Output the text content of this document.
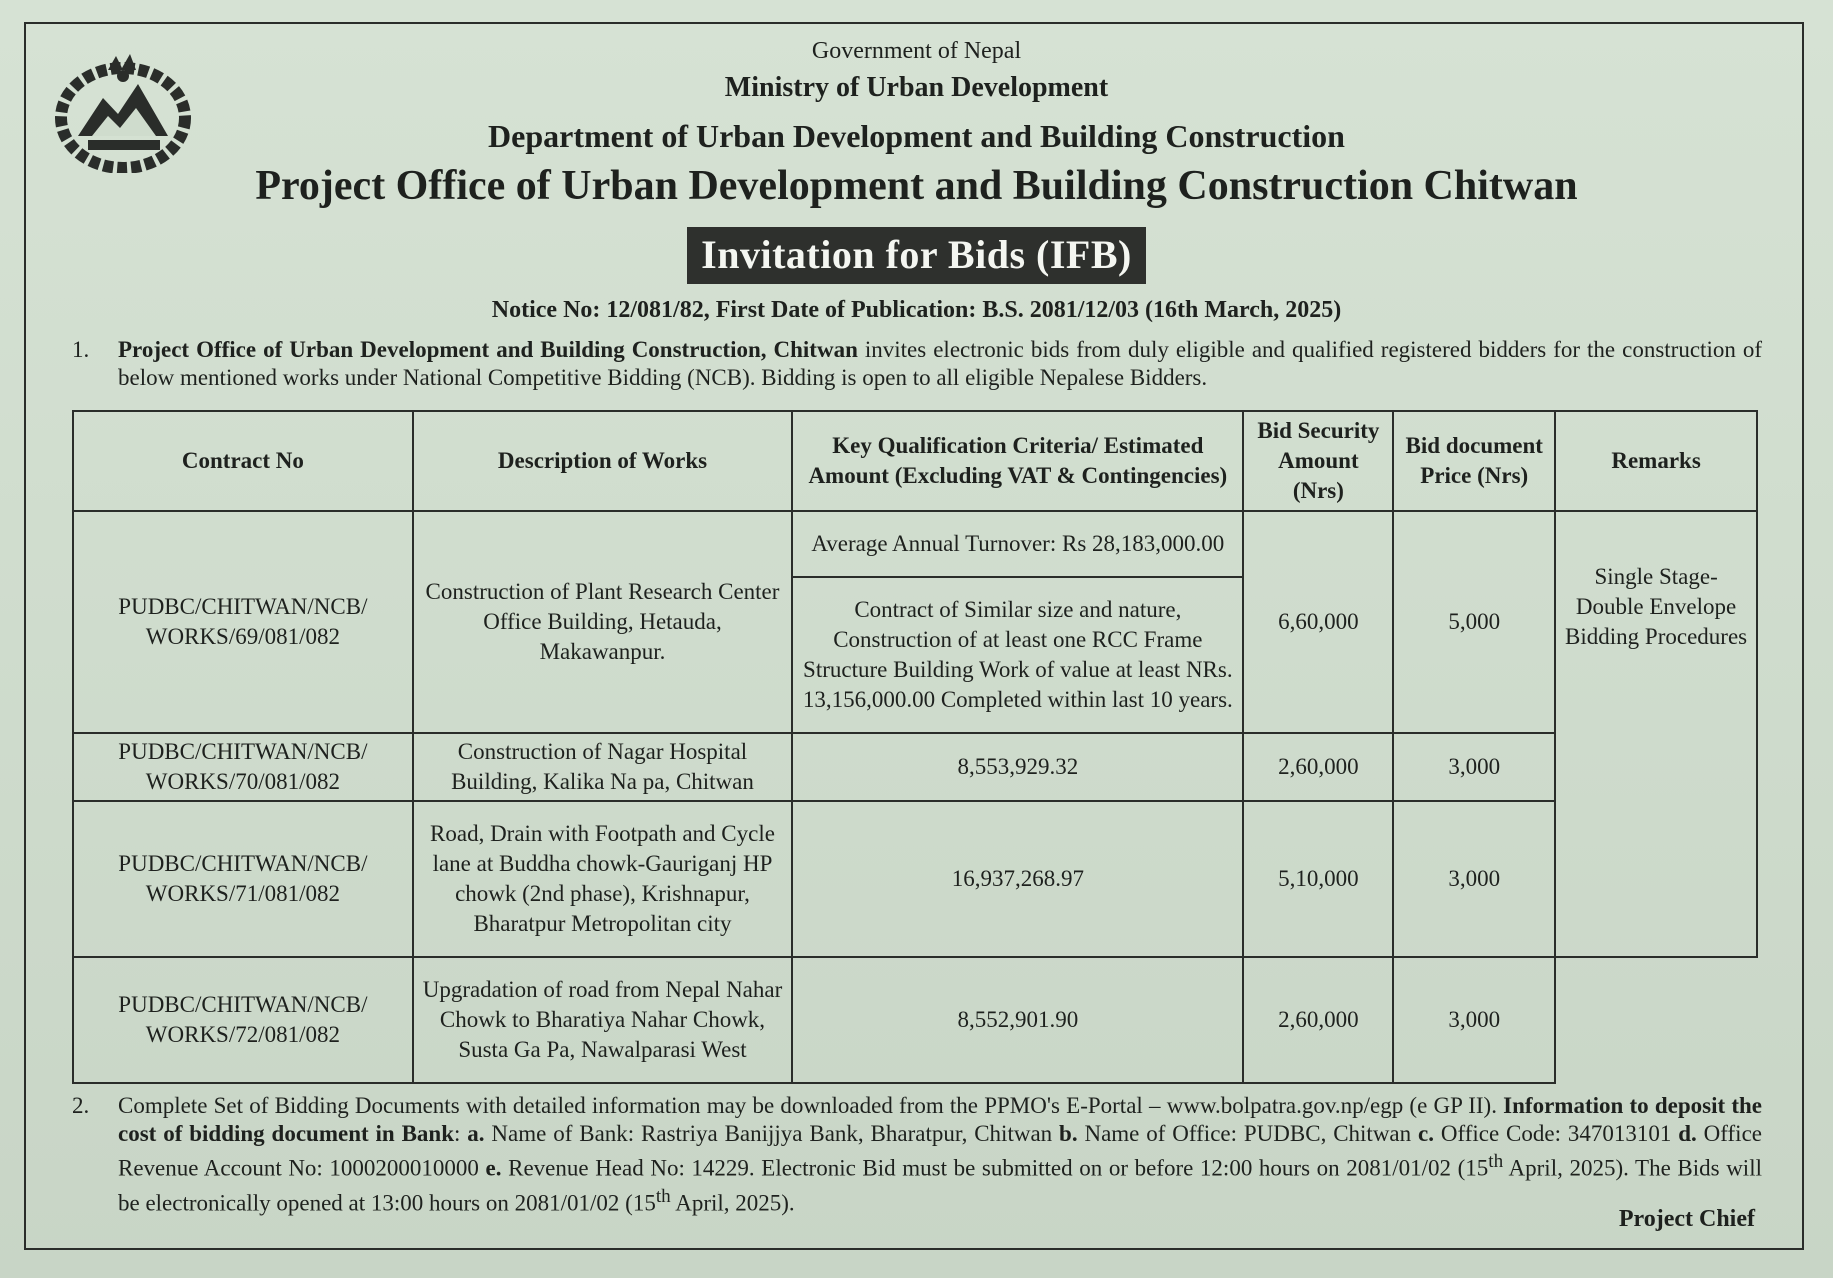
Government of Nepal
Ministry of Urban Development
Department of Urban Development and Building Construction
Project Office of Urban Development and Building Construction Chitwan
Invitation for Bids (IFB)
Notice No: 12/081/82, First Date of Publication: B.S. 2081/12/03 (16th March, 2025)
1. Project Office of Urban Development and Building Construction, Chitwan invites electronic bids from duly eligible and qualified registered bidders for the construction of below mentioned works under National Competitive Bidding (NCB). Bidding is open to all eligible Nepalese Bidders.
Contract No	Description of Works	Key Qualification Criteria/ Estimated Amount (Excluding VAT & Contingencies)	Bid Security Amount (Nrs)	Bid document Price (Nrs)	Remarks
PUDBC/CHITWAN/NCB/ WORKS/69/081/082	Construction of Plant Research Center Office Building, Hetauda, Makawanpur.	Average Annual Turnover: Rs 28,183,000.00	6,60,000	5,000	Single Stage-Double Envelope Bidding Procedures
		Contract of Similar size and nature, Construction of at least one RCC Frame Structure Building Work of value at least NRs. 13,156,000.00 Completed within last 10 years.			
PUDBC/CHITWAN/NCB/ WORKS/70/081/082	Construction of Nagar Hospital Building, Kalika Na pa, Chitwan	8,553,929.32	2,60,000	3,000	
PUDBC/CHITWAN/NCB/ WORKS/71/081/082	Road, Drain with Footpath and Cycle lane at Buddha chowk-Gauriganj HP chowk (2nd phase), Krishnapur, Bharatpur Metropolitan city	16,937,268.97	5,10,000	3,000	
PUDBC/CHITWAN/NCB/ WORKS/72/081/082	Upgradation of road from Nepal Nahar Chowk to Bharatiya Nahar Chowk, Susta Ga Pa, Nawalparasi West	8,552,901.90	2,60,000	3,000	
2. Complete Set of Bidding Documents with detailed information may be downloaded from the PPMO's E-Portal – www.bolpatra.gov.np/egp (e GP II). Information to deposit the cost of bidding document in Bank: a. Name of Bank: Rastriya Banijjya Bank, Bharatpur, Chitwan b. Name of Office: PUDBC, Chitwan c. Office Code: 347013101 d. Office Revenue Account No: 1000200010000 e. Revenue Head No: 14229. Electronic Bid must be submitted on or before 12:00 hours on 2081/01/02 (15th April, 2025). The Bids will be electronically opened at 13:00 hours on 2081/01/02 (15th April, 2025).
Project Chief
